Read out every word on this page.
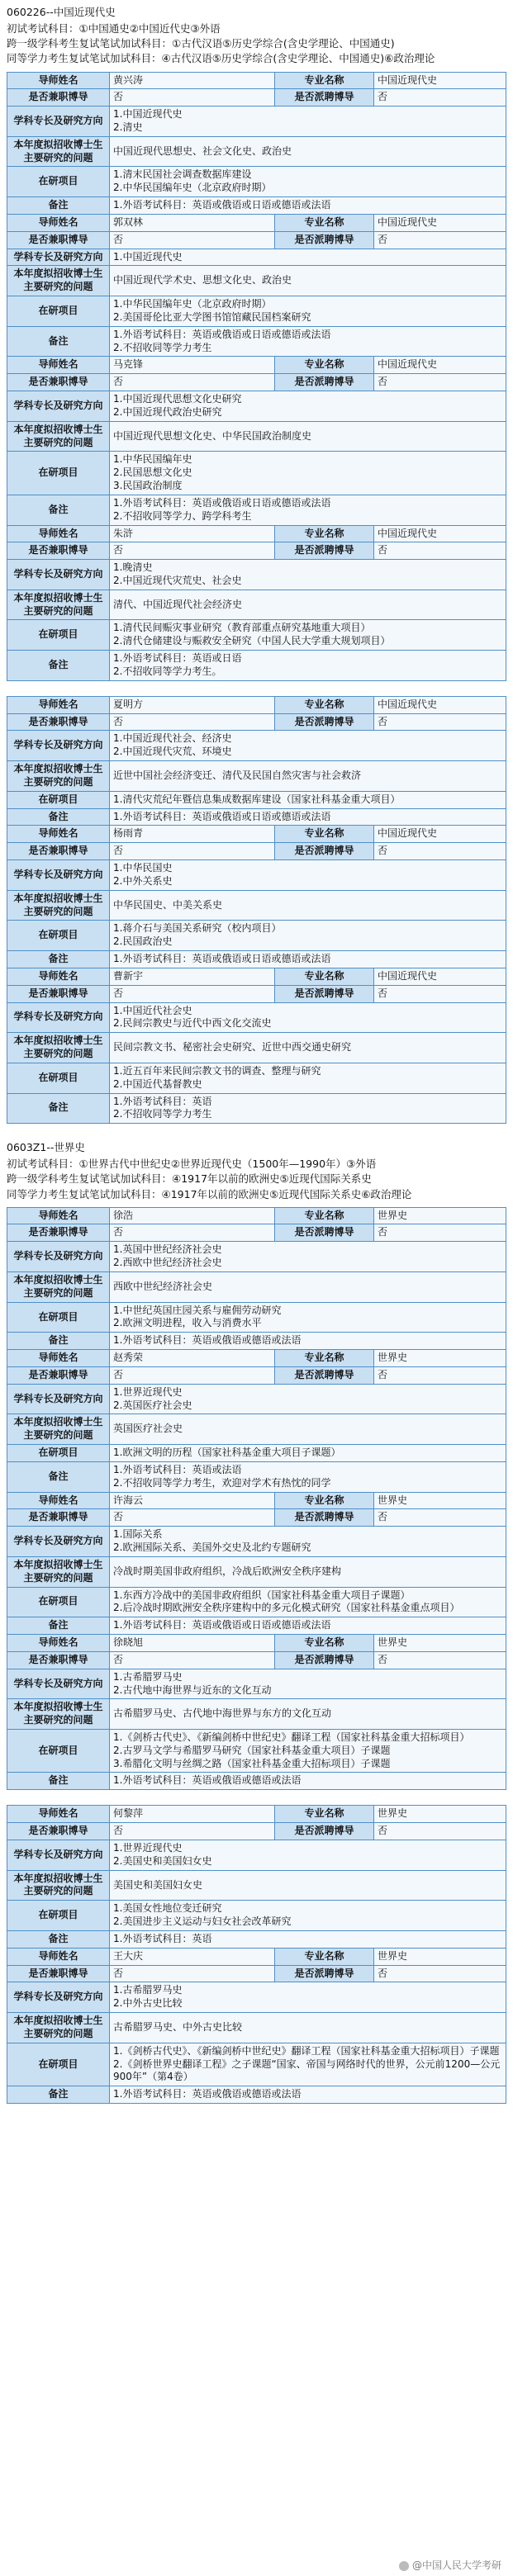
060226--中国近现代史

初试考试科目：①中国通史②中国近代史③外语

跨一级学科考生复试笔试加试科目：①古代汉语⑤历史学综合(含史学理论、中国通史)

同等学力考生复试笔试加试科目：④古代汉语⑤历史学综合(含史学理论、中国通史)⑥政治理论

导师姓名	黄兴涛	专业名称	中国近现代史
是否兼职博导	否	是否派聘博导	否
学科专长及研究方向	1.中国近现代史
2.清史		

本年度拟招收博士生主要研究的问题	中国近现代思想史、社会文化史、政治史		

在研项目	1.清末民国社会调查数据库建设
2.中华民国编年史（北京政府时期）		

备注	1.外语考试科目：英语或俄语或日语或德语或法语		

导师姓名	郭双林	专业名称	中国近现代史
是否兼职博导	否	是否派聘博导	否
学科专长及研究方向	1.中国近现代史		

本年度拟招收博士生主要研究的问题	中国近现代学术史、思想文化史、政治史		

在研项目	1.中华民国编年史（北京政府时期）
2.美国哥伦比亚大学图书馆馆藏民国档案研究		

备注	1.外语考试科目：英语或俄语或日语或德语或法语
2.不招收同等学力考生		

导师姓名	马克锋	专业名称	中国近现代史
是否兼职博导	否	是否派聘博导	否
学科专长及研究方向	1.中国近现代思想文化史研究
2.中国近现代政治史研究		

本年度拟招收博士生主要研究的问题	中国近现代思想文化史、中华民国政治制度史		

在研项目	1.中华民国编年史
2.民国思想文化史
3.民国政治制度		

备注	1.外语考试科目：英语或俄语或日语或德语或法语
2.不招收同等学力、跨学科考生		

导师姓名	朱浒	专业名称	中国近现代史
是否兼职博导	否	是否派聘博导	否
学科专长及研究方向	1.晚清史
2.中国近现代灾荒史、社会史		

本年度拟招收博士生主要研究的问题	清代、中国近现代社会经济史		

在研项目	1.清代民间赈灾事业研究（教育部重点研究基地重大项目）
2.清代仓储建设与赈救安全研究（中国人民大学重大规划项目）		

备注	1.外语考试科目：英语或日语
2.不招收同等学力考生。		
导师姓名	夏明方	专业名称	中国近现代史
是否兼职博导	否	是否派聘博导	否
学科专长及研究方向	1.中国近现代社会、经济史
2.中国近现代灾荒、环境史		

本年度拟招收博士生主要研究的问题	近世中国社会经济变迁、清代及民国自然灾害与社会救济		

在研项目	1.清代灾荒纪年暨信息集成数据库建设（国家社科基金重大项目）		

备注	1.外语考试科目：英语或俄语或日语或德语或法语		

导师姓名	杨雨青	专业名称	中国近现代史
是否兼职博导	否	是否派聘博导	否
学科专长及研究方向	1.中华民国史
2.中外关系史		

本年度拟招收博士生主要研究的问题	中华民国史、中美关系史		

在研项目	1.蒋介石与美国关系研究（校内项目）
2.民国政治史		

备注	1.外语考试科目：英语或俄语或日语或德语或法语		

导师姓名	曹新宇	专业名称	中国近现代史
是否兼职博导	否	是否派聘博导	否
学科专长及研究方向	1.中国近代社会史
2.民间宗教史与近代中西文化交流史		

本年度拟招收博士生主要研究的问题	民间宗教文书、秘密社会史研究、近世中西交通史研究		

在研项目	1.近五百年来民间宗教文书的调查、整理与研究
2.中国近代基督教史		

备注	1.外语考试科目：英语
2.不招收同等学力考生		

0603Z1--世界史

初试考试科目：①世界古代中世纪史②世界近现代史（1500年—1990年）③外语

跨一级学科考生复试笔试加试科目：④1917年以前的欧洲史⑤近现代国际关系史

同等学力考生复试笔试加试科目：④1917年以前的欧洲史⑤近现代国际关系史⑥政治理论

导师姓名	徐浩	专业名称	世界史
是否兼职博导	否	是否派聘博导	否
学科专长及研究方向	1.英国中世纪经济社会史
2.西欧中世纪经济社会史		

本年度拟招收博士生主要研究的问题	西欧中世纪经济社会史		

在研项目	1.中世纪英国庄园关系与雇佣劳动研究
2.欧洲文明进程，收入与消费水平		

备注	1.外语考试科目：英语或俄语或德语或法语		

导师姓名	赵秀荣	专业名称	世界史
是否兼职博导	否	是否派聘博导	否
学科专长及研究方向	1.世界近现代史
2.英国医疗社会史		

本年度拟招收博士生主要研究的问题	英国医疗社会史		

在研项目	1.欧洲文明的历程（国家社科基金重大项目子课题）		

备注	1.外语考试科目：英语或法语
2.不招收同等学力考生，欢迎对学术有热忱的同学		

导师姓名	许海云	专业名称	世界史
是否兼职博导	否	是否派聘博导	否
学科专长及研究方向	1.国际关系
2.欧洲国际关系、美国外交史及北约专题研究		

本年度拟招收博士生主要研究的问题	冷战时期美国非政府组织，冷战后欧洲安全秩序建构		

在研项目	1.东西方冷战中的美国非政府组织（国家社科基金重大项目子课题）
2.后冷战时期欧洲安全秩序建构中的多元化模式研究（国家社科基金重点项目）		

备注	1.外语考试科目：英语或俄语或日语或德语或法语		

导师姓名	徐晓旭	专业名称	世界史
是否兼职博导	否	是否派聘博导	否
学科专长及研究方向	1.古希腊罗马史
2.古代地中海世界与近东的文化互动		

本年度拟招收博士生主要研究的问题	古希腊罗马史、古代地中海世界与东方的文化互动		

在研项目	1.《剑桥古代史》、《新编剑桥中世纪史》翻译工程（国家社科基金重大招标项目）
2.古罗马文学与希腊罗马研究（国家社科基金重大项目）子课题
3.希腊化文明与丝绸之路（国家社科基金重大招标项目）子课题		

备注	1.外语考试科目：英语或俄语或德语或法语		
导师姓名	何黎萍	专业名称	世界史
是否兼职博导	否	是否派聘博导	否
学科专长及研究方向	1.世界近现代史
2.美国史和美国妇女史		

本年度拟招收博士生主要研究的问题	美国史和美国妇女史		

在研项目	1.美国女性地位变迁研究
2.美国进步主义运动与妇女社会改革研究		

备注	1.外语考试科目：英语		

导师姓名	王大庆	专业名称	世界史
是否兼职博导	否	是否派聘博导	否
学科专长及研究方向	1.古希腊罗马史
2.中外古史比较		

本年度拟招收博士生主要研究的问题	古希腊罗马史、中外古史比较		

在研项目	1.《剑桥古代史》、《新编剑桥中世纪史》翻译工程（国家社科基金重大招标项目）子课题
2.《剑桥世界史翻译工程》之子课题“国家、帝国与网络时代的世界，公元前1200—公元900年”（第4卷）		

备注	1.外语考试科目：英语或俄语或德语或法语		
@中国人民大学考研
